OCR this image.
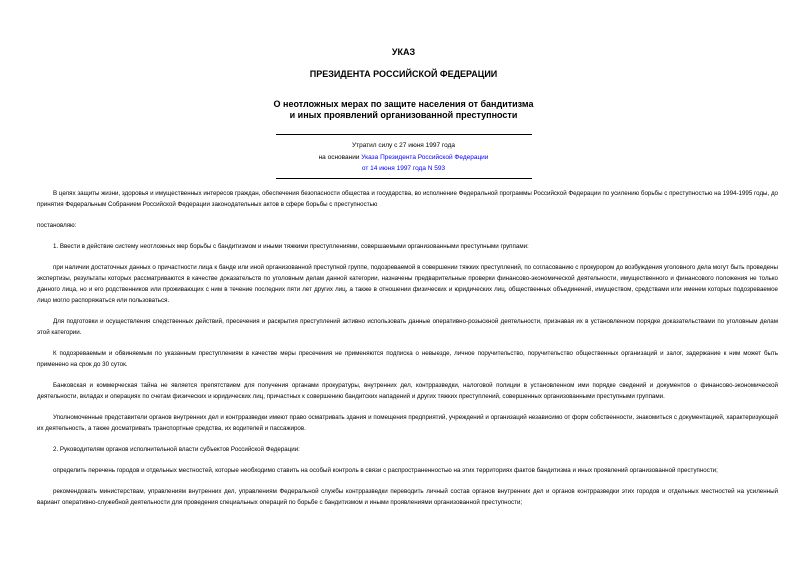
УКАЗ
ПРЕЗИДЕНТА РОССИЙСКОЙ ФЕДЕРАЦИИ
О неотложных мерах по защите населения от бандитизма
и иных проявлений организованной преступности
Утратил силу с 27 июня 1997 года
на основании Указа Президента Российской Федерации
от 14 июня 1997 года N 593

В целях защиты жизни, здоровья и имущественных интересов граждан, обеспечения безопасности общества и государства, во исполнение Федеральной программы Российской Федерации по усилению борьбы с преступностью на 1994-1995 годы, до принятия Федеральным Собранием Российской Федерации законодательных актов в сфере борьбы с преступностью

постановляю:

1. Ввести в действие систему неотложных мер борьбы с бандитизмом и иными тяжкими преступлениями, совершаемыми организованными преступными группами:

при наличии достаточных данных о причастности лица к банде или иной организованной преступной группе, подозреваемой в совершении тяжких преступлений, по согласованию с прокурором до возбуждения уголовного дела могут быть проведены экспертизы, результаты которых рассматриваются в качестве доказательств по уголовным делам данной категории, назначены предварительные проверки финансово-экономической деятельности, имущественного и финансового положения не только данного лица, но и его родственников или проживающих с ним в течение последних пяти лет других лиц, а также в отношении физических и юридических лиц, общественных объединений, имуществом, средствами или именем которых подозреваемое лицо могло распоряжаться или пользоваться.

Для подготовки и осуществления следственных действий, пресечения и раскрытия преступлений активно использовать данные оперативно-розыскной деятельности, признавая их в установленном порядке доказательствами по уголовным делам этой категории.

К подозреваемым и обвиняемым по указанным преступлениям в качестве меры пресечения не применяются подписка о невыезде, личное поручительство, поручительство общественных организаций и залог, задержание к ним может быть применено на срок до 30 суток.

Банковская и коммерческая тайна не является препятствием для получения органами прокуратуры, внутренних дел, контрразведки, налоговой полиции в установленном ими порядке сведений и документов о финансово-экономической деятельности, вкладах и операциях по счетам физических и юридических лиц, причастных к совершению бандитских нападений и других тяжких преступлений, совершенных организованными преступными группами.

Уполномоченные представители органов внутренних дел и контрразведки имеют право осматривать здания и помещения предприятий, учреждений и организаций независимо от форм собственности, знакомиться с документацией, характеризующей их деятельность, а также досматривать транспортные средства, их водителей и пассажиров.

2. Руководителям органов исполнительной власти субъектов Российской Федерации:

определить перечень городов и отдельных местностей, которые необходимо ставить на особый контроль в связи с распространенностью на этих территориях фактов бандитизма и иных проявлений организованной преступности;

рекомендовать министерствам, управлениям внутренних дел, управлениям Федеральной службы контрразведки переводить личный состав органов внутренних дел и органов контрразведки этих городов и отдельных местностей на усиленный вариант оперативно-служебной деятельности для проведения специальных операций по борьбе с бандитизмом и иными проявлениями организованной преступности;
